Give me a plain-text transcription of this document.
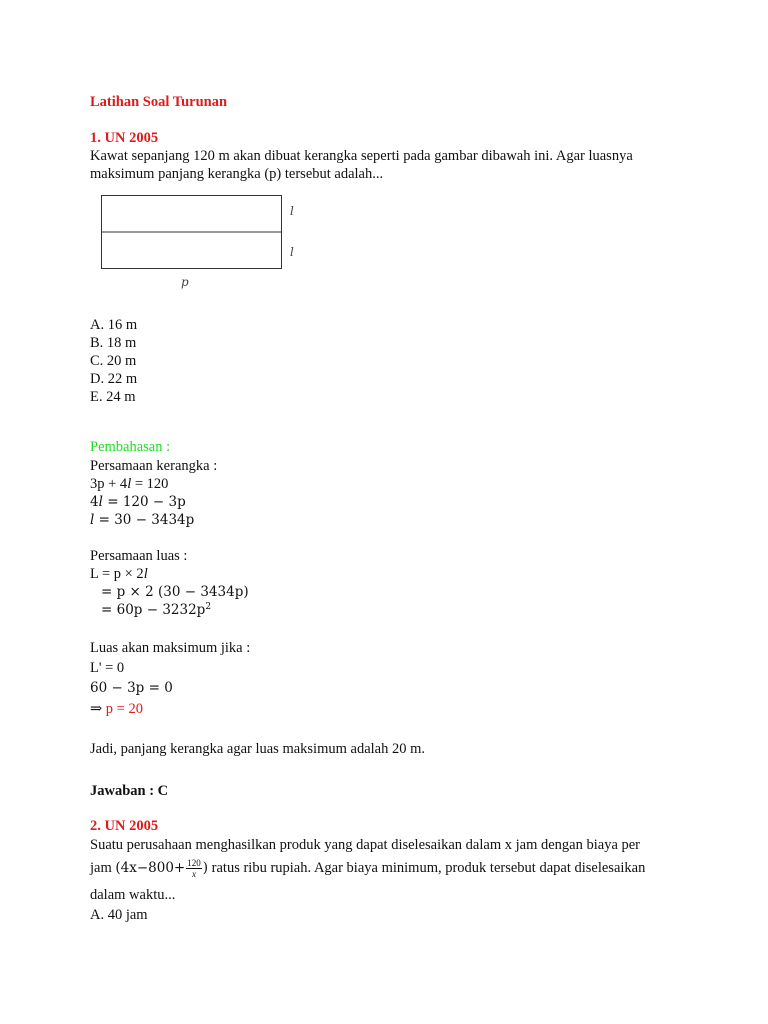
Latihan Soal Turunan
1. UN 2005
Kawat sepanjang 120 m akan dibuat kerangka seperti pada gambar dibawah ini. Agar luasnya
maksimum panjang kerangka (p) tersebut adalah...
l
l
p
A. 16 m
B. 18 m
C. 20 m
D. 22 m
E. 24 m
Pembahasan :
Persamaan kerangka :
3p + 4l = 120
4l = 120 − 3p
l = 30 − 3434p
Persamaan luas :
L = p × 2l
= p × 2 (30 − 3434p)
= $60p - 3232p^2$
Luas akan maksimum jika :
L' = 0
60 − 3p = 0
⇒ p = 20
Jadi, panjang kerangka agar luas maksimum adalah 20 m.
Jawaban : C
2. UN 2005
Suatu perusahaan menghasilkan produk yang dapat diselesaikan dalam x jam dengan biaya per
jam ($4x-800+ \frac{120}{x}$ ) ratus ribu rupiah. Agar biaya minimum, produk tersebut dapat diselesaikan
dalam waktu...
A. 40 jam
